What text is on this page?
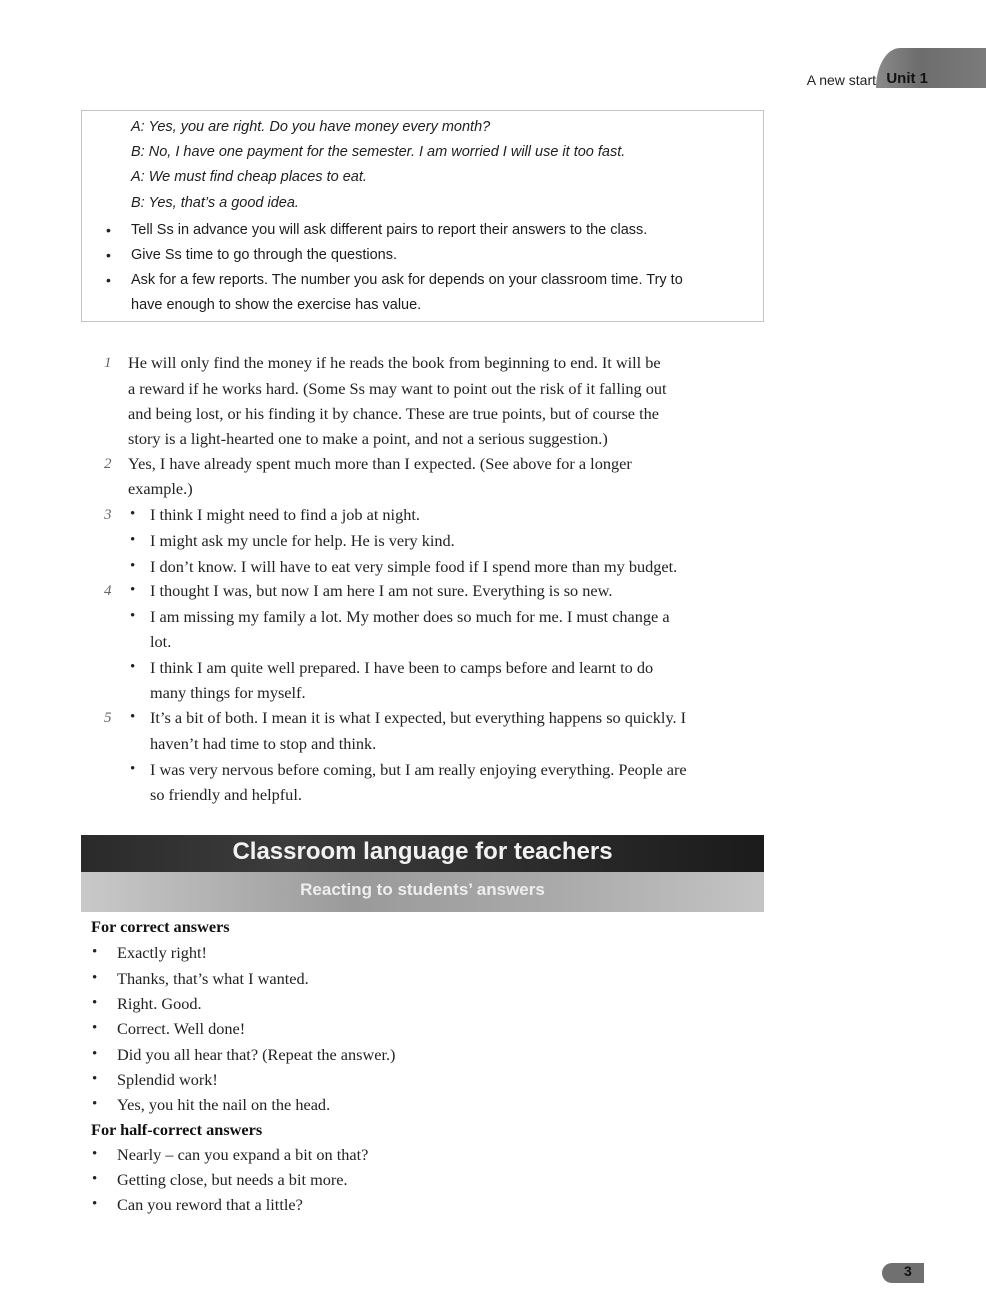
A new start Unit 1
A: Yes, you are right. Do you have money every month?
B: No, I have one payment for the semester. I am worried I will use it too fast.
A: We must find cheap places to eat.
B: Yes, that’s a good idea.
• Tell Ss in advance you will ask different pairs to report their answers to the class.
• Give Ss time to go through the questions.
• Ask for a few reports. The number you ask for depends on your classroom time. Try to
have enough to show the exercise has value.
1 He will only find the money if he reads the book from beginning to end. It will be
a reward if he works hard. (Some Ss may want to point out the risk of it falling out
and being lost, or his finding it by chance. These are true points, but of course the
story is a light-hearted one to make a point, and not a serious suggestion.)
2 Yes, I have already spent much more than I expected. (See above for a longer
example.)
3 • I think I might need to find a job at night.
• I might ask my uncle for help. He is very kind.
• I don’t know. I will have to eat very simple food if I spend more than my budget.
4 • I thought I was, but now I am here I am not sure. Everything is so new.
• I am missing my family a lot. My mother does so much for me. I must change a
lot.
• I think I am quite well prepared. I have been to camps before and learnt to do
many things for myself.
5 • It’s a bit of both. I mean it is what I expected, but everything happens so quickly. I
haven’t had time to stop and think.
• I was very nervous before coming, but I am really enjoying everything. People are
so friendly and helpful.
Classroom language for teachers
Reacting to students’ answers
For correct answers
• Exactly right!
• Thanks, that’s what I wanted.
• Right. Good.
• Correct. Well done!
• Did you all hear that? (Repeat the answer.)
• Splendid work!
• Yes, you hit the nail on the head.
For half-correct answers
• Nearly – can you expand a bit on that?
• Getting close, but needs a bit more.
• Can you reword that a little?
3
